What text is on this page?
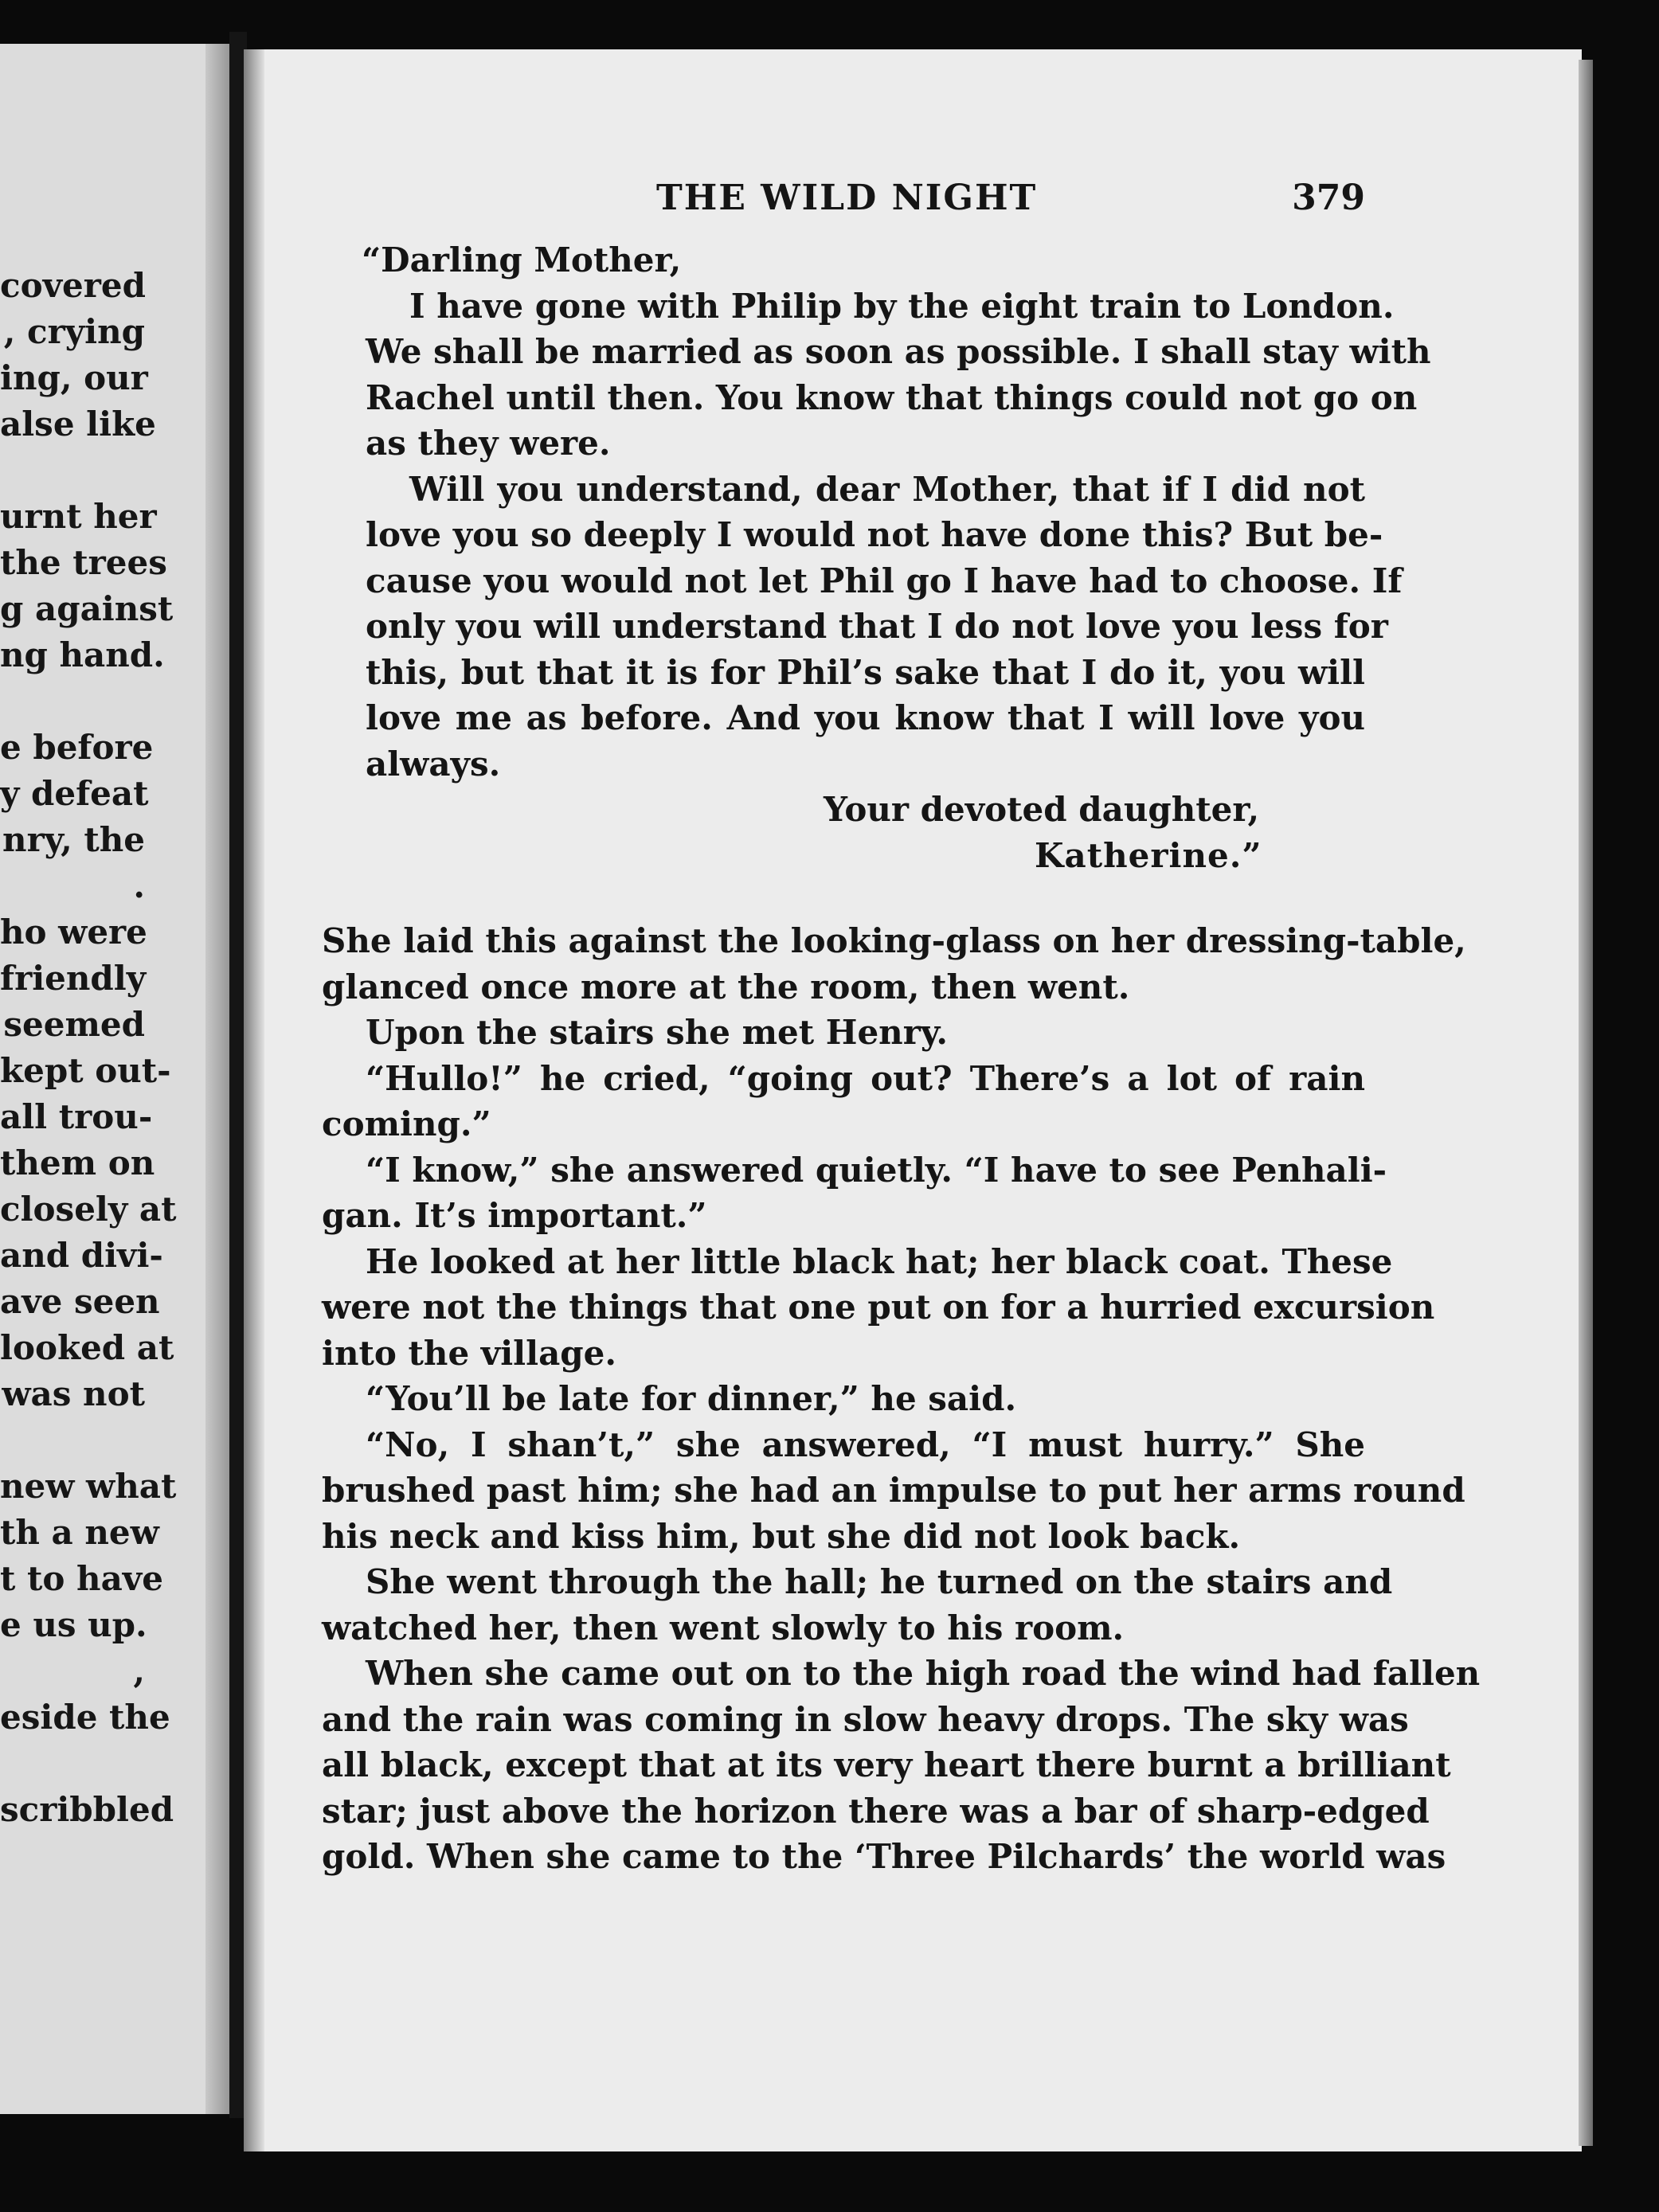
covered
, crying
ing, our
alse like
urnt her
the trees
g against
ng hand.
e before
y defeat
nry, the
.
ho were
friendly
seemed
kept out-
all trou-
them on
closely at
and divi-
ave seen
looked at
was not
new what
th a new
t to have
e us up.
,
eside the
scribbled
THE WILD NIGHT	379
“Darling Mother,
I have gone with Philip by the eight train to London.
We shall be married as soon as possible. I shall stay with
Rachel until then. You know that things could not go on
as they were.
Will you understand, dear Mother, that if I did not
love you so deeply I would not have done this? But be-
cause you would not let Phil go I have had to choose. If
only you will understand that I do not love you less for
this, but that it is for Phil’s sake that I do it, you will
love me as before. And you know that I will love you
always.
Your devoted daughter,
Katherine.”
She laid this against the looking-glass on her dressing-table,
glanced once more at the room, then went.
Upon the stairs she met Henry.
“Hullo!” he cried, “going out? There’s a lot of rain
coming.”
“I know,” she answered quietly. “I have to see Penhali-
gan. It’s important.”
He looked at her little black hat; her black coat. These
were not the things that one put on for a hurried excursion
into the village.
“You’ll be late for dinner,” he said.
“No, I shan’t,” she answered, “I must hurry.” She
brushed past him; she had an impulse to put her arms round
his neck and kiss him, but she did not look back.
She went through the hall; he turned on the stairs and
watched her, then went slowly to his room.
When she came out on to the high road the wind had fallen
and the rain was coming in slow heavy drops. The sky was
all black, except that at its very heart there burnt a brilliant
star; just above the horizon there was a bar of sharp-edged
gold. When she came to the ‘Three Pilchards’ the world was
